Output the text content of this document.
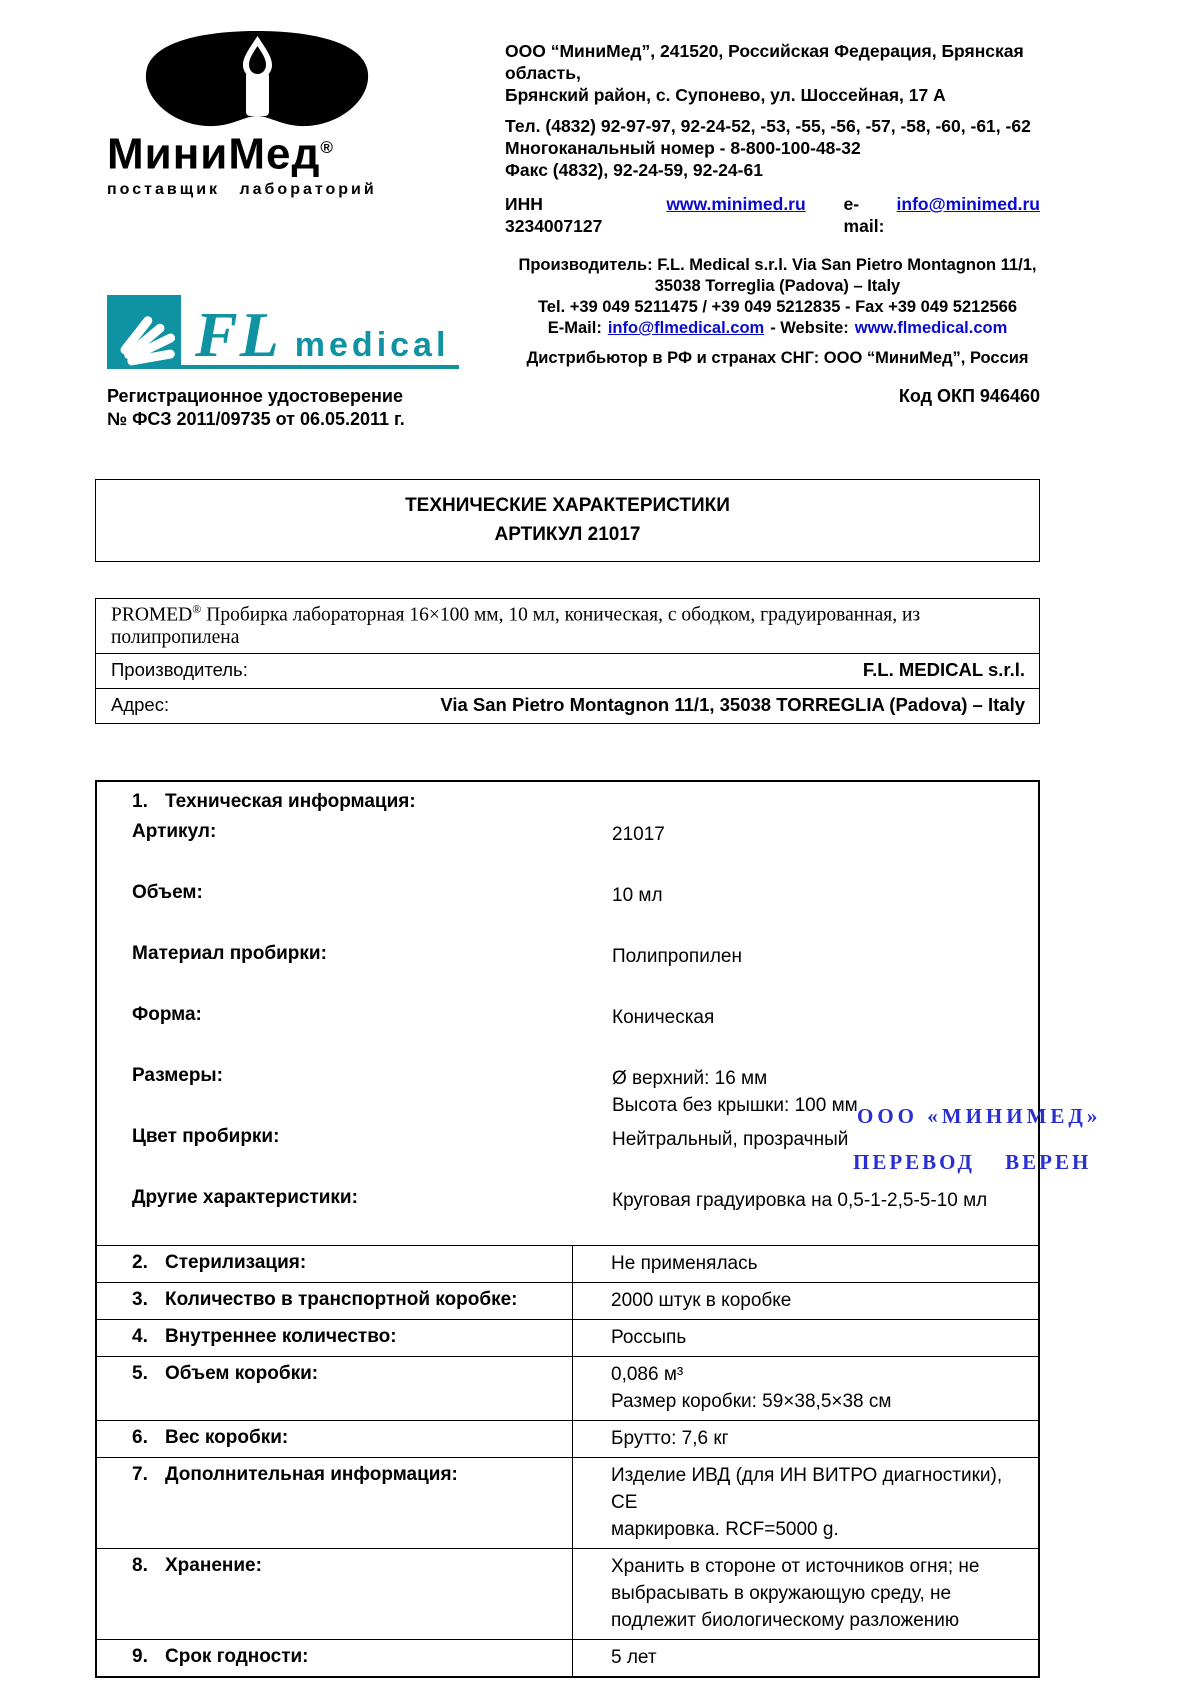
МиниМед®
поставщик лабораторий
ООО “МиниМед”, 241520, Российская Федерация, Брянская область,
Брянский район, с. Супонево, ул. Шоссейная, 17 А
Тел. (4832) 92-97-97, 92-24-52, -53, -55, -56, -57, -58, -60, -61, -62
Многоканальный номер - 8-800-100-48-32
Факс (4832), 92-24-59, 92-24-61
ИНН 3234007127
www.minimed.ru e-mail:
info@minimed.ru
FL medical
Производитель: F.L. Medical s.r.l. Via San Pietro Montagnon 11/1,
35038 Torreglia (Padova) – Italy
Tel. +39 049 5211475 / +39 049 5212835 - Fax +39 049 5212566
E-Mail: info@flmedical.com - Website: www.flmedical.com
Дистрибьютор в РФ и странах СНГ: ООО “МиниМед”, Россия
Регистрационное удостоверение
№ ФСЗ 2011/09735 от 06.05.2011 г.
Код ОКП 946460
ТЕХНИЧЕСКИЕ ХАРАКТЕРИСТИКИ
АРТИКУЛ 21017
PROMED® Пробирка лабораторная 16×100 мм, 10 мл, коническая, с ободком, градуированная, из полипропилена
Производитель:	F.L. MEDICAL s.r.l.
Адрес:	Via San Pietro Montagnon 11/1, 35038 TORREGLIA (Padova) – Italy
1. Техническая информация:
Артикул:	21017
Объем:	10 мл
Материал пробирки:	Полипропилен
Форма:	Коническая
Размеры:	Ø верхний: 16 мм
Высота без крышки: 100 мм
Цвет пробирки:	Нейтральный, прозрачный
Другие характеристики:	Круговая градуировка на 0,5-1-2,5-5-10 мл
2. Стерилизация:	Не применялась
3. Количество в транспортной коробке:	2000 штук в коробке
4. Внутреннее количество:	Россыпь
5. Объем коробки:	0,086 м³
Размер коробки: 59×38,5×38 см
6. Вес коробки:	Брутто: 7,6 кг
7. Дополнительная информация:	Изделие ИВД (для ИН ВИТРО диагностики), СЕ
маркировка. RCF=5000 g.
8. Хранение:	Хранить в стороне от источников огня; не
выбрасывать в окружающую среду, не
подлежит биологическому разложению
9. Срок годности:	5 лет
ООО «МИНИМЕД»
ПЕРЕВОД ВЕРЕН
